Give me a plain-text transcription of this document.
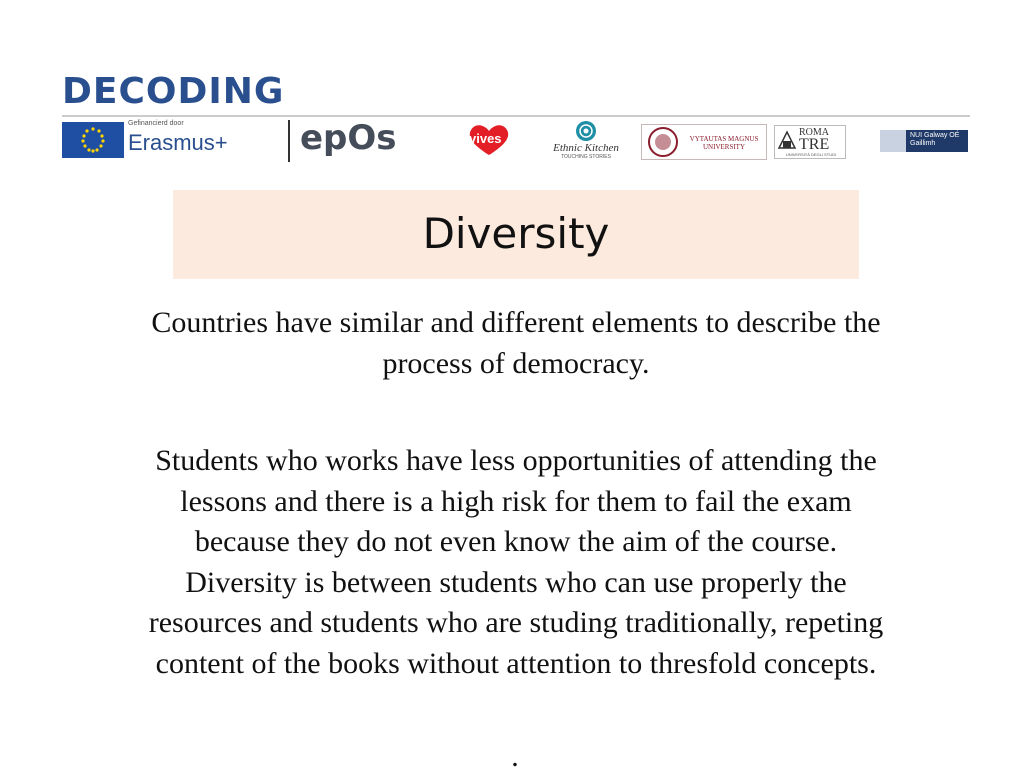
DECODING
Gefinancierd door
Erasmus+ epOs	vives
Ethnic Kitchen
TOUCHING STORIES
VYTAUTAS MAGNUS UNIVERSITY
ROMA
TRE
UNIVERSITÀ DEGLI STUDI
NUI Galway OÉ Gaillimh
Diversity

Countries have similar and different elements to describe the process of democracy.

Students who works have less opportunities of attending the lessons and there is a high risk for them to fail the exam because they do not even know the aim of the course. Diversity is between students who can use properly the resources and students who are studing traditionally, repeting content of the books without attention to thresfold concepts.

.
